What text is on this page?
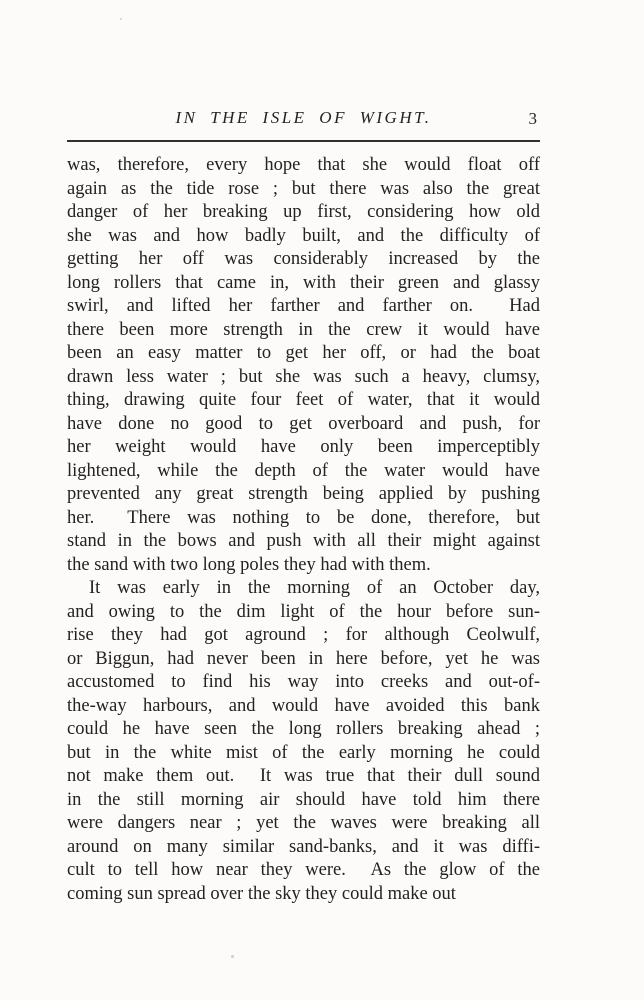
IN THE ISLE OF WIGHT.	3
was, therefore, every hope that she would float off
again as the tide rose ; but there was also the great
danger of her breaking up first, considering how old
she was and how badly built, and the difficulty of
getting her off was considerably increased by the
long rollers that came in, with their green and glassy
swirl, and lifted her farther and farther on.  Had
there been more strength in the crew it would have
been an easy matter to get her off, or had the boat
drawn less water ; but she was such a heavy, clumsy,
thing, drawing quite four feet of water, that it would
have done no good to get overboard and push, for
her weight would have only been imperceptibly
lightened, while the depth of the water would have
prevented any great strength being applied by pushing
her.  There was nothing to be done, therefore, but
stand in the bows and push with all their might against
the sand with two long poles they had with them.
It was early in the morning of an October day,
and owing to the dim light of the hour before sun-
rise they had got aground ; for although Ceolwulf,
or Biggun, had never been in here before, yet he was
accustomed to find his way into creeks and out-of-
the-way harbours, and would have avoided this bank
could he have seen the long rollers breaking ahead ;
but in the white mist of the early morning he could
not make them out.  It was true that their dull sound
in the still morning air should have told him there
were dangers near ; yet the waves were breaking all
around on many similar sand-banks, and it was diffi-
cult to tell how near they were.  As the glow of the
coming sun spread over the sky they could make out
